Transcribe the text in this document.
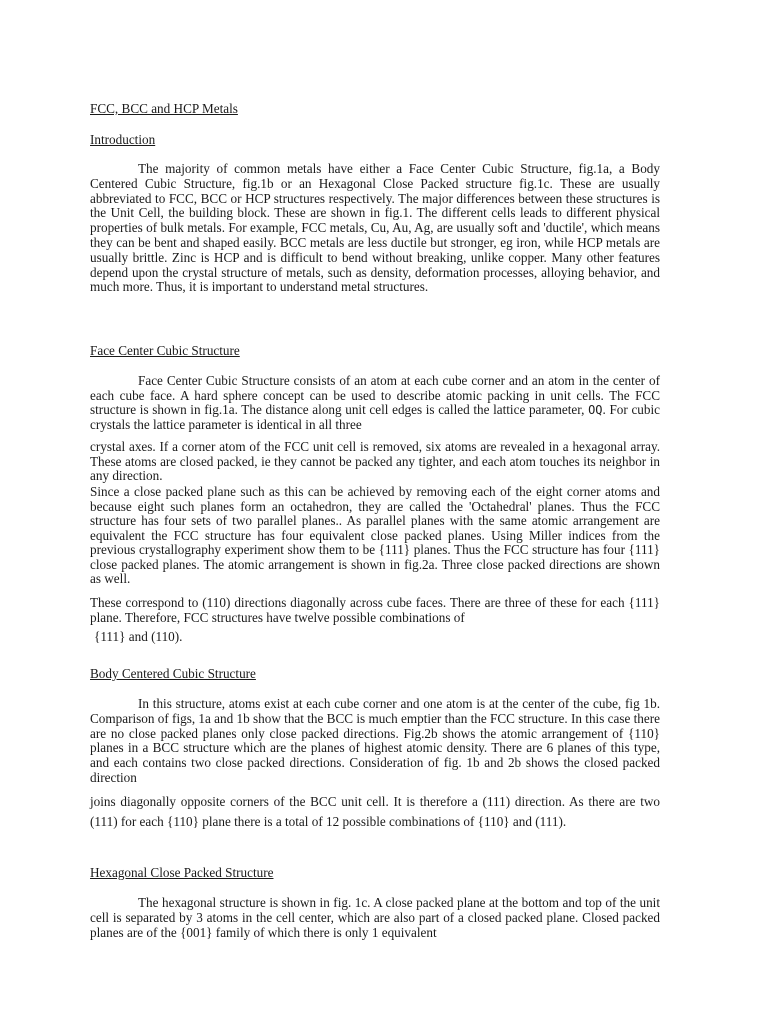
FCC, BCC and HCP Metals
Introduction

The majority of common metals have either a Face Center Cubic Structure, fig.1a, a Body Centered Cubic Structure, fig.1b or an Hexagonal Close Packed structure fig.1c. These are usually abbreviated to FCC, BCC or HCP structures respectively. The major differences between these structures is the Unit Cell, the building block. These are shown in fig.1. The different cells leads to different physical properties of bulk metals. For example, FCC metals, Cu, Au, Ag, are usually soft and 'ductile', which means they can be bent and shaped easily. BCC metals are less ductile but stronger, eg iron, while HCP metals are usually brittle. Zinc is HCP and is difficult to bend without breaking, unlike copper. Many other features depend upon the crystal structure of metals, such as density, deformation processes, alloying behavior, and much more. Thus, it is important to understand metal structures.

Face Center Cubic Structure

Face Center Cubic Structure consists of an atom at each cube corner and an atom in the center of each cube face. A hard sphere concept can be used to describe atomic packing in unit cells. The FCC structure is shown in fig.1a. The distance along unit cell edges is called the lattice parameter, OQ. For cubic crystals the lattice parameter is identical in all three

crystal axes. If a corner atom of the FCC unit cell is removed, six atoms are revealed in a hexagonal array. These atoms are closed packed, ie they cannot be packed any tighter, and each atom touches its neighbor in any direction.

Since a close packed plane such as this can be achieved by removing each of the eight corner atoms and because eight such planes form an octahedron, they are called the 'Octahedral' planes. Thus the FCC structure has four sets of two parallel planes.. As parallel planes with the same atomic arrangement are equivalent the FCC structure has four equivalent close packed planes. Using Miller indices from the previous crystallography experiment show them to be {111} planes. Thus the FCC structure has four {111} close packed planes. The atomic arrangement is shown in fig.2a. Three close packed directions are shown as well.

These correspond to (110) directions diagonally across cube faces. There are three of these for each {111} plane. Therefore, FCC structures have twelve possible combinations of

{111} and (110).

Body Centered Cubic Structure

In this structure, atoms exist at each cube corner and one atom is at the center of the cube, fig 1b. Comparison of figs, 1a and 1b show that the BCC is much emptier than the FCC structure. In this case there are no close packed planes only close packed directions. Fig.2b shows the atomic arrangement of {110} planes in a BCC structure which are the planes of highest atomic density. There are 6 planes of this type, and each contains two close packed directions. Consideration of fig. 1b and 2b shows the closed packed direction

joins diagonally opposite corners of the BCC unit cell. It is therefore a (111) direction. As there are two (111) for each {110} plane there is a total of 12 possible combinations of {110} and (111).

Hexagonal Close Packed Structure

The hexagonal structure is shown in fig. 1c. A close packed plane at the bottom and top of the unit cell is separated by 3 atoms in the cell center, which are also part of a closed packed plane. Closed packed planes are of the {001} family of which there is only 1 equivalent
